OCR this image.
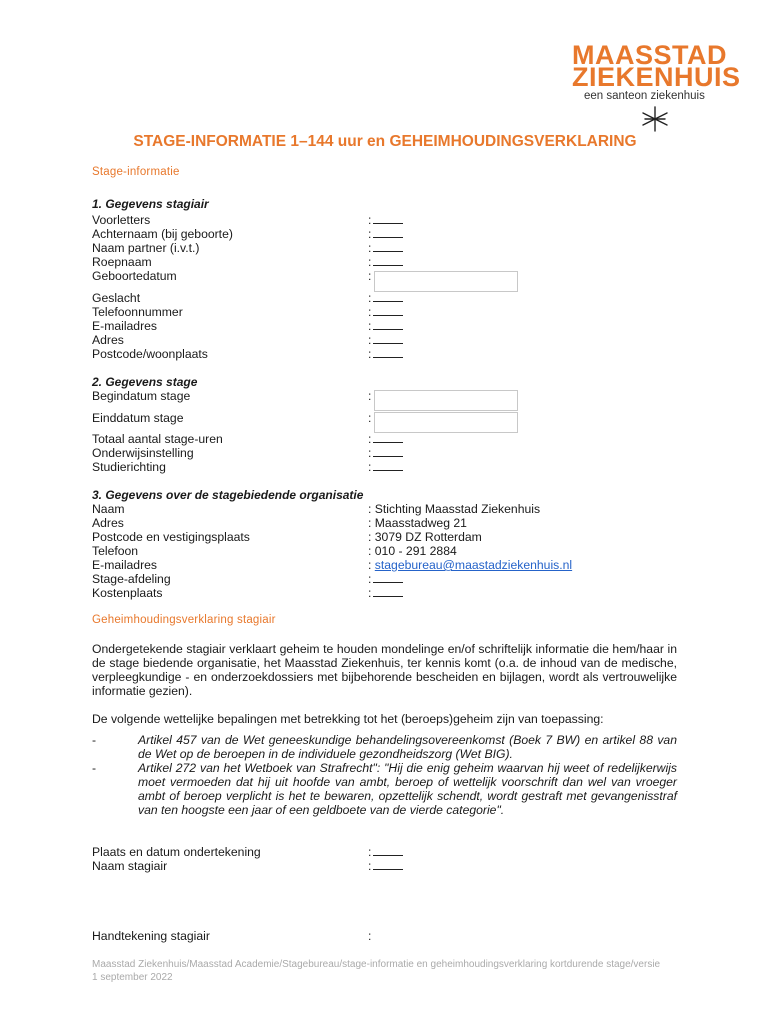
MAASSTAD
ZIEKENHUIS
een santeon ziekenhuis
STAGE-INFORMATIE 1–144 uur en GEHEIMHOUDINGSVERKLARING
Stage-informatie
1. Gegevens stagiair
Voorletters	:
Achternaam (bij geboorte)	:
Naam partner (i.v.t.)	:
Roepnaam	:
Geboortedatum	:
Geslacht	:
Telefoonnummer	:
E-mailadres	:
Adres	:
Postcode/woonplaats	:
2. Gegevens stage
Begindatum stage	:
Einddatum stage	:
Totaal aantal stage-uren	:
Onderwijsinstelling	:
Studierichting	:
3. Gegevens over de stagebiedende organisatie
Naam	: Stichting Maasstad Ziekenhuis
Adres	: Maasstadweg 21
Postcode en vestigingsplaats	: 3079 DZ Rotterdam
Telefoon	: 010 - 291 2884
E-mailadres	: stagebureau@maastadziekenhuis.nl
Stage-afdeling	:
Kostenplaats	:
Geheimhoudingsverklaring stagiair
Ondergetekende stagiair verklaart geheim te houden mondelinge en/of schriftelijk informatie die hem/haar in de stage biedende organisatie, het Maasstad Ziekenhuis, ter kennis komt (o.a. de inhoud van de medische, verpleegkundige - en onderzoekdossiers met bijbehorende bescheiden en bijlagen, wordt als vertrouwelijke informatie gezien).
De volgende wettelijke bepalingen met betrekking tot het (beroeps)geheim zijn van toepassing:
-	Artikel 457 van de Wet geneeskundige behandelingsovereenkomst (Boek 7 BW) en artikel 88 van de Wet op de beroepen in de individuele gezondheidszorg (Wet BIG).
-	Artikel 272 van het Wetboek van Strafrecht": "Hij die enig geheim waarvan hij weet of redelijkerwijs moet vermoeden dat hij uit hoofde van ambt, beroep of wettelijk voorschrift dan wel van vroeger ambt of beroep verplicht is het te bewaren, opzettelijk schendt, wordt gestraft met gevangenisstraf van ten hoogste een jaar of een geldboete van de vierde categorie".
Plaats en datum ondertekening	:
Naam stagiair	:
Handtekening stagiair	:
Maasstad Ziekenhuis/Maasstad Academie/Stagebureau/stage-informatie en geheimhoudingsverklaring kortdurende stage/versie
1 september 2022
